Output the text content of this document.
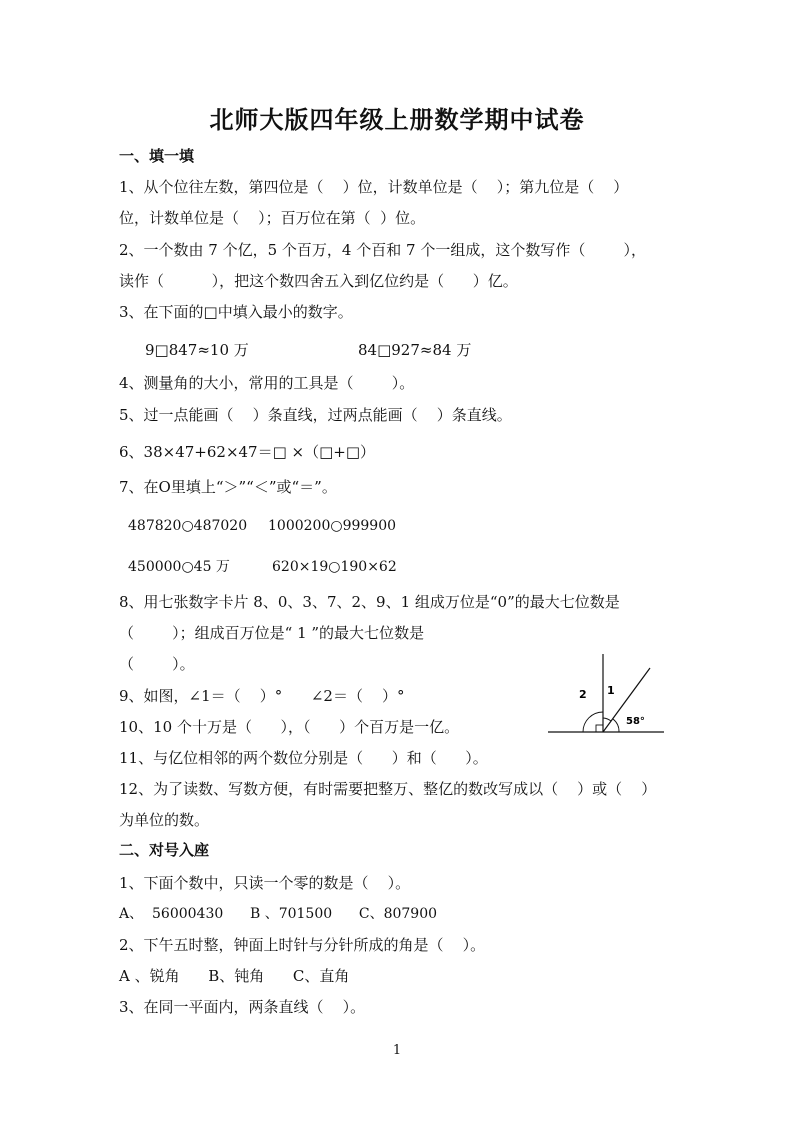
北师大版四年级上册数学期中试卷
一、填一填
1、从个位往左数，第四位是（    ）位，计数单位是（    ）；第九位是（    ）
位，计数单位是（    ）；百万位在第（  ）位。
2、一个数由 7 个亿，5 个百万，4 个百和 7 个一组成，这个数写作（        ），
读作（          ），把这个数四舍五入到亿位约是（      ）亿。
3、在下面的□中填入最小的数字。
9□847≈10 万	84□927≈84 万
4、测量角的大小，常用的工具是（        ）。
5、过一点能画（    ）条直线，过两点能画（    ）条直线。
6、38×47+62×47＝□ ×（□+□）
7、在O里填上“＞”“＜”或“＝”。
487820○487020 1000200○999900
450000○45 万	620×19○190×62
8、用七张数字卡片 8、0、3、7、2、9、1 组成万位是“0”的最大七位数是
（        ）；组成百万位是“ 1 ”的最大七位数是
（        ）。
9、如图，∠1＝（    ）°      ∠2＝（    ）°	2 1
58°
10、10 个十万是（      ），（      ）个百万是一亿。
11、与亿位相邻的两个数位分别是（      ）和（      ）。
12、为了读数、写数方便，有时需要把整万、整亿的数改写成以（    ）或（    ）
为单位的数。
二、对号入座
1、下面个数中，只读一个零的数是（    ）。
A、  56000430      B 、701500      C、807900
2、下午五时整，钟面上时针与分针所成的角是（    ）。
A 、锐角      B、钝角      C、直角
3、在同一平面内，两条直线（    ）。
1
